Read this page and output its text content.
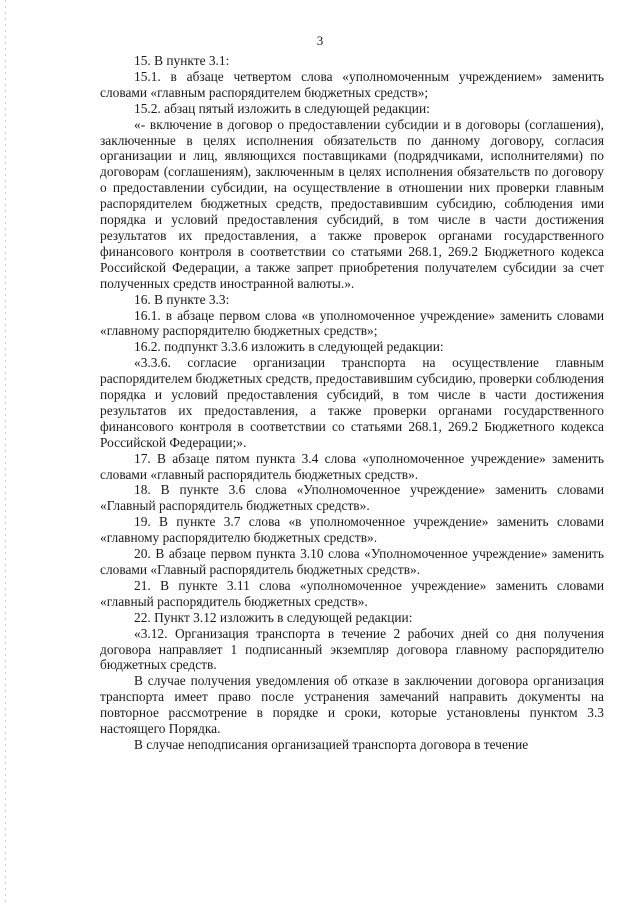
3

15. В пункте 3.1:

15.1. в абзаце четвертом слова «уполномоченным учреждением» заменить словами «главным распорядителем бюджетных средств»;

15.2. абзац пятый изложить в следующей редакции:

«- включение в договор о предоставлении субсидии и в договоры (соглашения), заключенные в целях исполнения обязательств по данному договору, согласия организации и лиц, являющихся поставщиками (подрядчиками, исполнителями) по договорам (соглашениям), заключенным в целях исполнения обязательств по договору о предоставлении субсидии, на осуществление в отношении них проверки главным распорядителем бюджетных средств, предоставившим субсидию, соблюдения ими порядка и условий предоставления субсидий, в том числе в части достижения результатов их предоставления, а также проверок органами государственного финансового контроля в соответствии со статьями 268.1, 269.2 Бюджетного кодекса Российской Федерации, а также запрет приобретения получателем субсидии за счет полученных средств иностранной валюты.».

16. В пункте 3.3:

16.1. в абзаце первом слова «в уполномоченное учреждение» заменить словами «главному распорядителю бюджетных средств»;

16.2. подпункт 3.3.6 изложить в следующей редакции:

«3.3.6. согласие организации транспорта на осуществление главным распорядителем бюджетных средств, предоставившим субсидию, проверки соблюдения порядка и условий предоставления субсидий, в том числе в части достижения результатов их предоставления, а также проверки органами государственного финансового контроля в соответствии со статьями 268.1, 269.2 Бюджетного кодекса Российской Федерации;».

17. В абзаце пятом пункта 3.4 слова «уполномоченное учреждение» заменить словами «главный распорядитель бюджетных средств».

18. В пункте 3.6 слова «Уполномоченное учреждение» заменить словами «Главный распорядитель бюджетных средств».

19. В пункте 3.7 слова «в уполномоченное учреждение» заменить словами «главному распорядителю бюджетных средств».

20. В абзаце первом пункта 3.10 слова «Уполномоченное учреждение» заменить словами «Главный распорядитель бюджетных средств».

21. В пункте 3.11 слова «уполномоченное учреждение» заменить словами «главный распорядитель бюджетных средств».

22. Пункт 3.12 изложить в следующей редакции:

«3.12. Организация транспорта в течение 2 рабочих дней со дня получения договора направляет 1 подписанный экземпляр договора главному распорядителю бюджетных средств.

В случае получения уведомления об отказе в заключении договора организация транспорта имеет право после устранения замечаний направить документы на повторное рассмотрение в порядке и сроки, которые установлены пунктом 3.3 настоящего Порядка.

В случае неподписания организацией транспорта договора в течение
